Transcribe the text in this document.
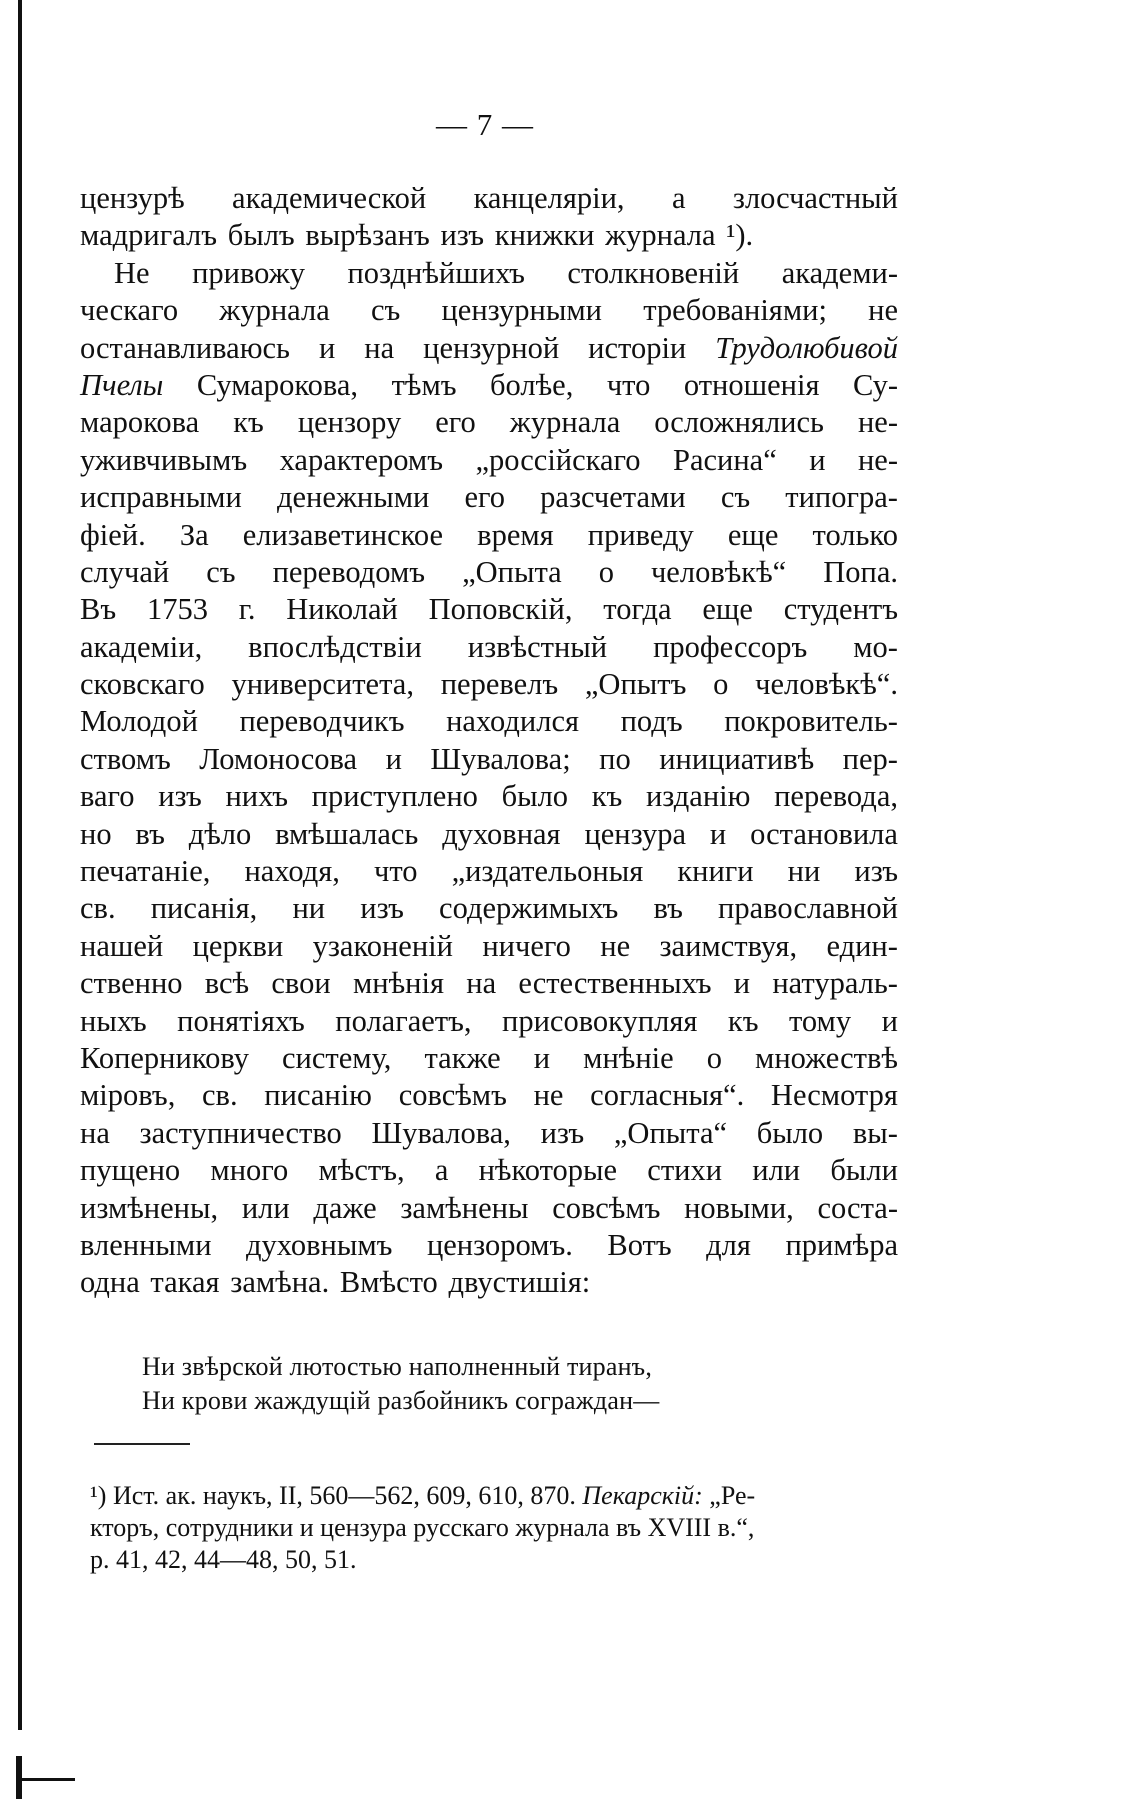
— 7 —
цензурѣ академической канцеляріи, а злосчастный
мадригалъ былъ вырѣзанъ изъ книжки журнала ¹).
Не привожу позднѣйшихъ столкновеній академи-
ческаго журнала съ цензурными требованіями; не
останавливаюсь и на цензурной исторіи Трудолюбивой
Пчелы Сумарокова, тѣмъ болѣе, что отношенія Су-
марокова къ цензору его журнала осложнялись не-
уживчивымъ характеромъ „россійскаго Расина“ и не-
исправными денежными его разсчетами съ типогра-
фіей. За елизаветинское время приведу еще только
случай съ переводомъ „Опыта о человѣкѣ“ Попа.
Въ 1753 г. Николай Поповскій, тогда еще студентъ
академіи, впослѣдствіи извѣстный профессоръ мо-
сковскаго университета, перевелъ „Опытъ о человѣкѣ“.
Молодой переводчикъ находился подъ покровитель-
ствомъ Ломоносова и Шувалова; по инициативѣ пер-
ваго изъ нихъ приступлено было къ изданію перевода,
но въ дѣло вмѣшалась духовная цензура и остановила
печатаніе, находя, что „издательоныя книги ни изъ
св. писанія, ни изъ содержимыхъ въ православной
нашей церкви узаконеній ничего не заимствуя, един-
ственно всѣ свои мнѣнія на естественныхъ и натураль-
ныхъ понятіяхъ полагаетъ, присовокупляя къ тому и
Коперникову систему, также и мнѣніе о множествѣ
міровъ, св. писанію совсѣмъ не согласныя“. Несмотря
на заступничество Шувалова, изъ „Опыта“ было вы-
пущено много мѣстъ, а нѣкоторые стихи или были
измѣнены, или даже замѣнены совсѣмъ новыми, соста-
вленными духовнымъ цензоромъ. Вотъ для примѣра
одна такая замѣна. Вмѣсто двустишія:
Ни звѣрской лютостью наполненный тиранъ,
Ни крови жаждущій разбойникъ сограждан—
¹) Ист. ак. наукъ, II, 560—562, 609, 610, 870. Пекарскій: „Ре-
кторъ, сотрудники и цензура русскаго журнала въ XVIII в.“,
р. 41, 42, 44—48, 50, 51.
